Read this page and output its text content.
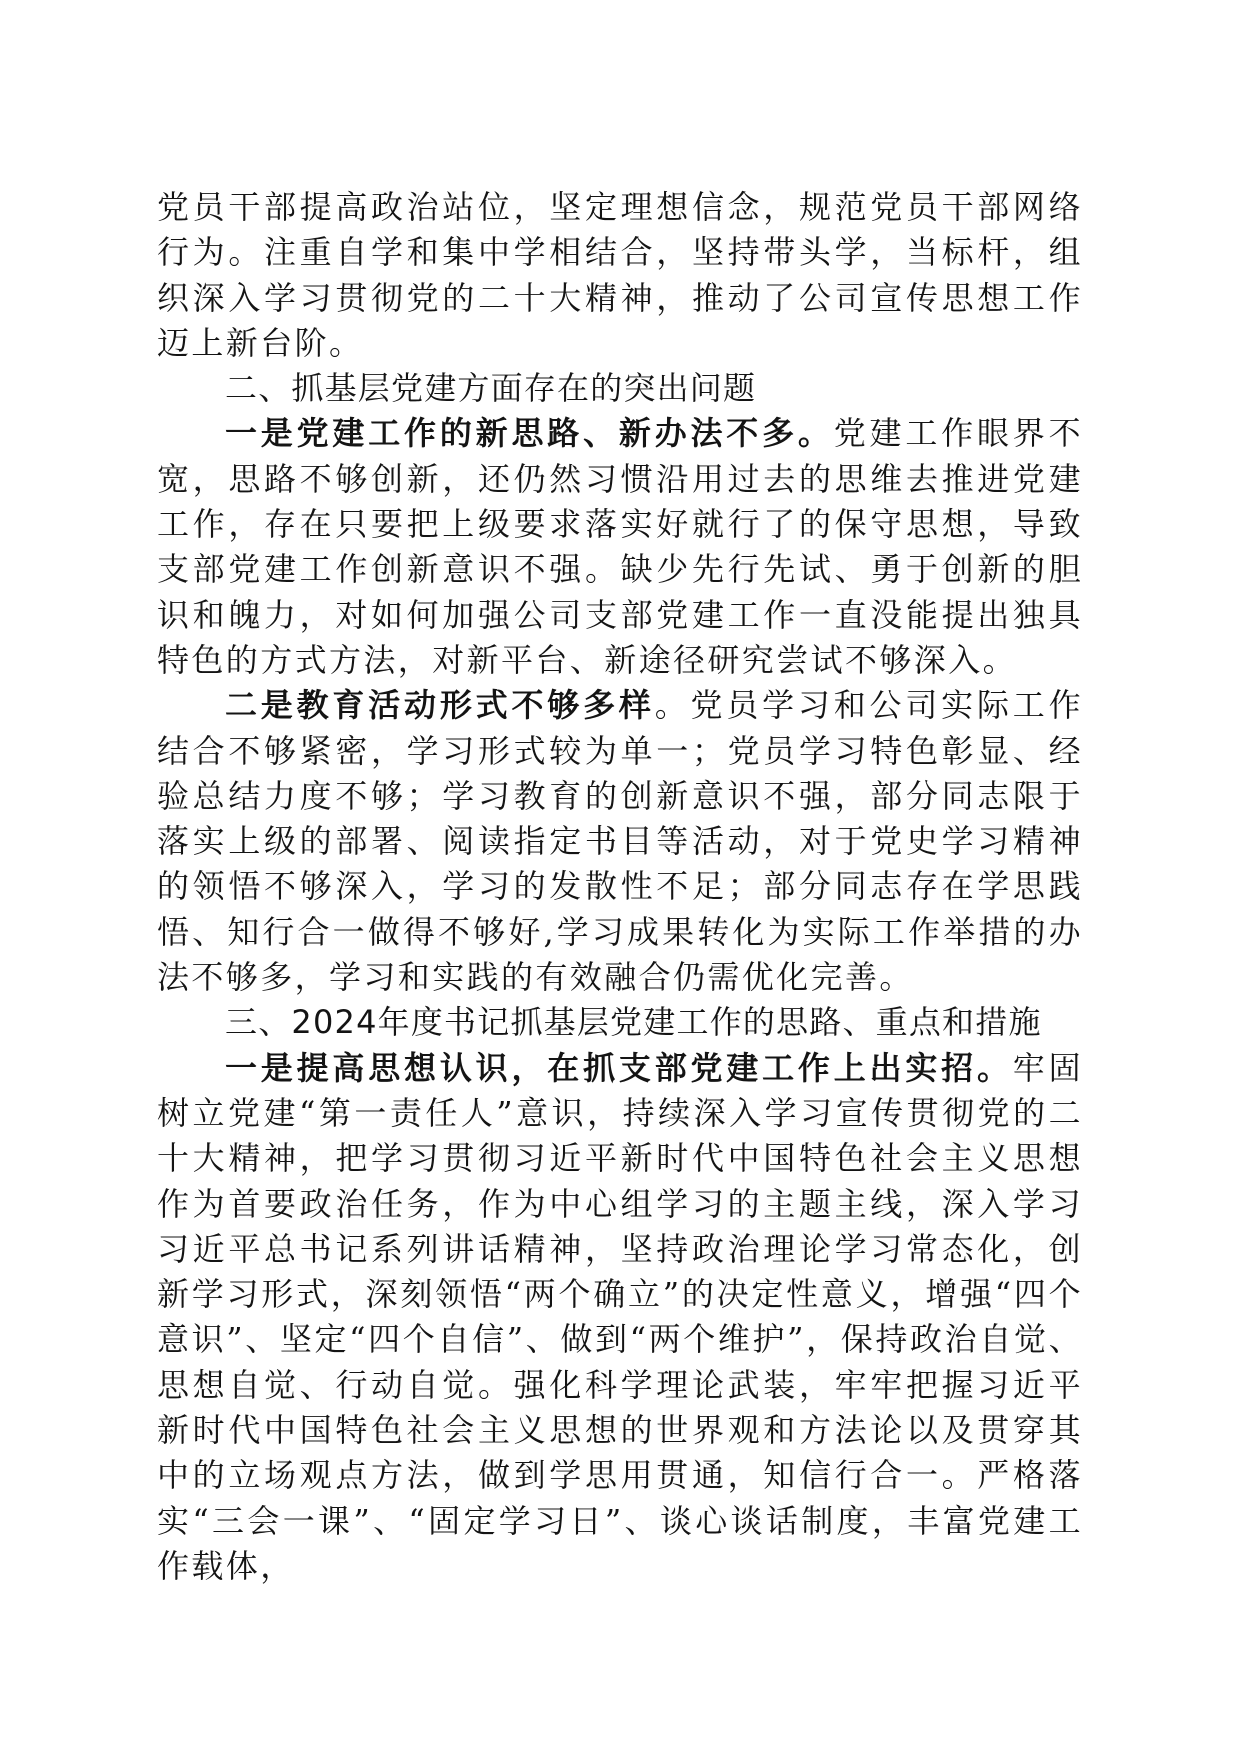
党员干部提高政治站位，坚定理想信念，规范党员干部网络行为。注重自学和集中学相结合，坚持带头学，当标杆，组织深入学习贯彻党的二十大精神，推动了公司宣传思想工作迈上新台阶。

二、抓基层党建方面存在的突出问题

一是党建工作的新思路、新办法不多。党建工作眼界不宽，思路不够创新，还仍然习惯沿用过去的思维去推进党建工作，存在只要把上级要求落实好就行了的保守思想，导致支部党建工作创新意识不强。缺少先行先试、勇于创新的胆识和魄力，对如何加强公司支部党建工作一直没能提出独具特色的方式方法，对新平台、新途径研究尝试不够深入。

二是教育活动形式不够多样。党员学习和公司实际工作结合不够紧密，学习形式较为单一；党员学习特色彰显、经验总结力度不够；学习教育的创新意识不强，部分同志限于落实上级的部署、阅读指定书目等活动，对于党史学习精神的领悟不够深入，学习的发散性不足；部分同志存在学思践悟、知行合一做得不够好,学习成果转化为实际工作举措的办法不够多，学习和实践的有效融合仍需优化完善。

三、2024年度书记抓基层党建工作的思路、重点和措施

一是提高思想认识，在抓支部党建工作上出实招。牢固树立党建“第一责任人”意识，持续深入学习宣传贯彻党的二十大精神，把学习贯彻习近平新时代中国特色社会主义思想作为首要政治任务，作为中心组学习的主题主线，深入学习习近平总书记系列讲话精神，坚持政治理论学习常态化，创新学习形式，深刻领悟“两个确立”的决定性意义，增强“四个意识”、坚定“四个自信”、做到“两个维护”，保持政治自觉、思想自觉、行动自觉。强化科学理论武装，牢牢把握习近平新时代中国特色社会主义思想的世界观和方法论以及贯穿其中的立场观点方法，做到学思用贯通，知信行合一。严格落实“三会一课”、“固定学习日”、谈心谈话制度，丰富党建工作载体，
